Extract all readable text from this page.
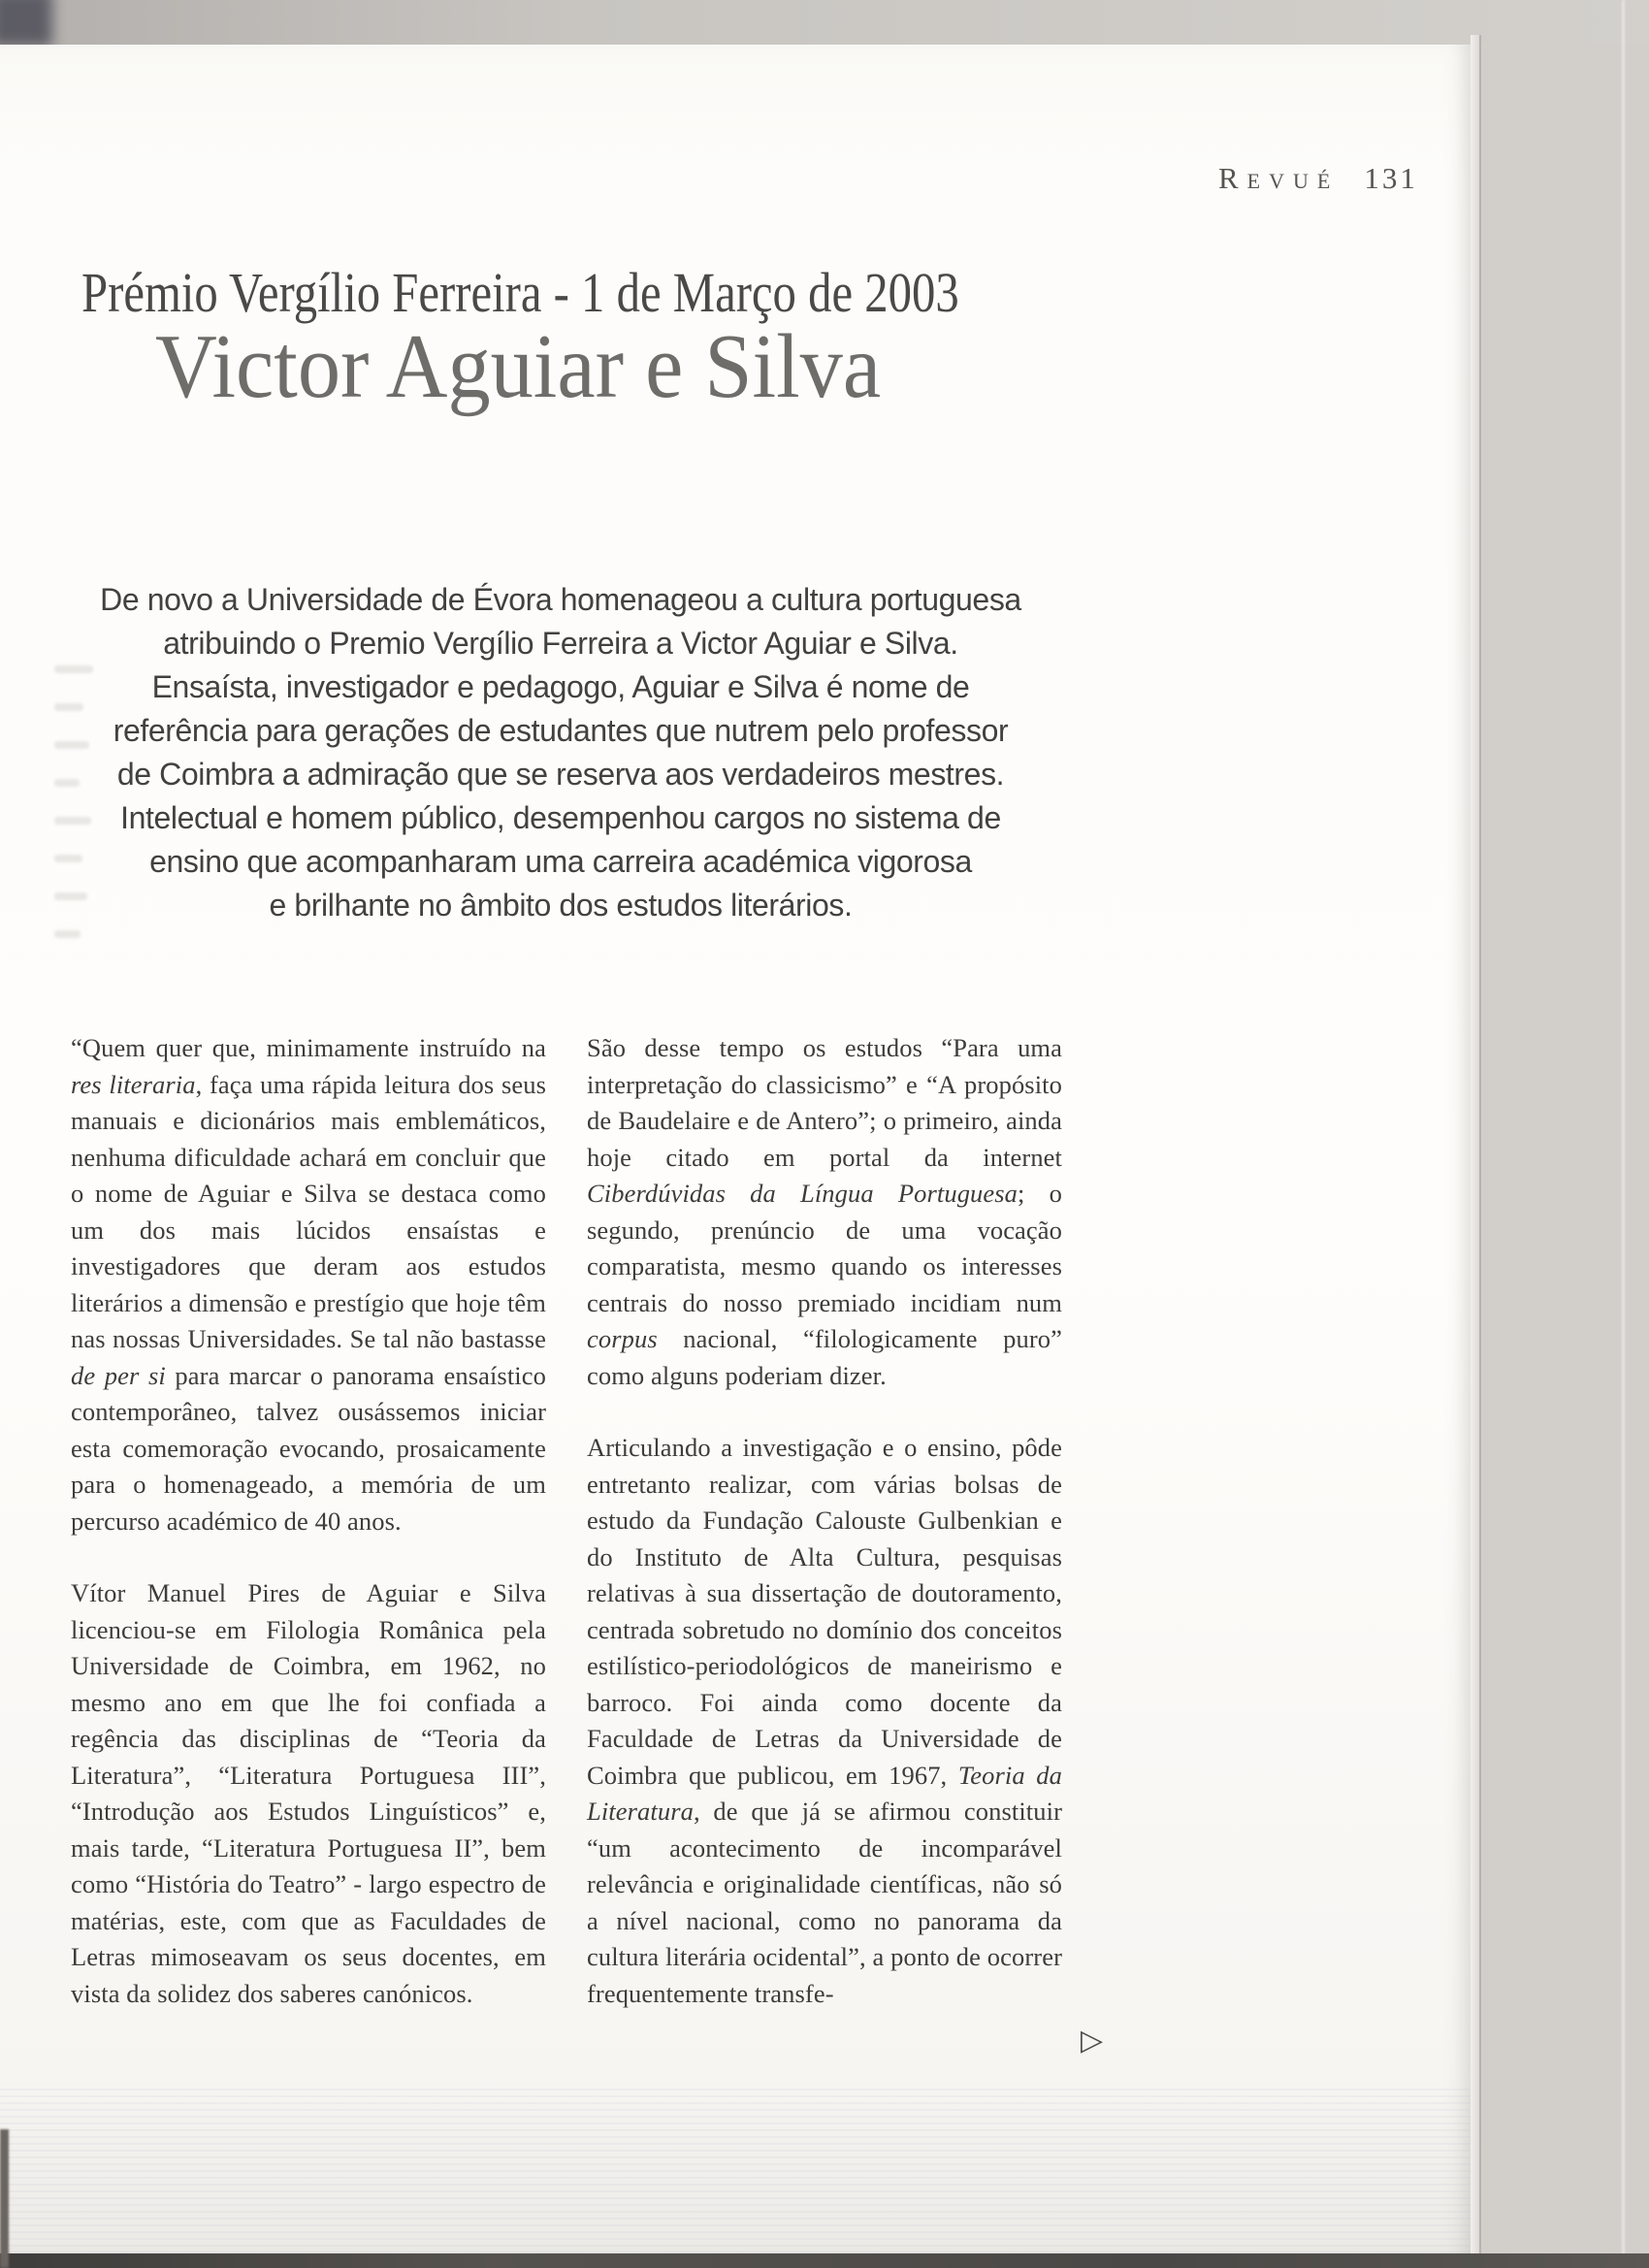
Revué 131
Prémio Vergílio Ferreira - 1 de Março de 2003
Victor Aguiar e Silva
De novo a Universidade de Évora homenageou a cultura portuguesa
atribuindo o Premio Vergílio Ferreira a Victor Aguiar e Silva.
Ensaísta, investigador e pedagogo, Aguiar e Silva é nome de
referência para gerações de estudantes que nutrem pelo professor
de Coimbra a admiração que se reserva aos verdadeiros mestres.
Intelectual e homem público, desempenhou cargos no sistema de
ensino que acompanharam uma carreira académica vigorosa
e brilhante no âmbito dos estudos literários.

“Quem quer que, minimamente instruído na res literaria, faça uma rápida leitura dos seus manuais e dicionários mais emblemáticos, nenhuma dificuldade achará em concluir que o nome de Aguiar e Silva se destaca como um dos mais lúcidos ensaístas e investigadores que deram aos estudos literários a dimensão e prestígio que hoje têm nas nossas Universidades. Se tal não bastasse de per si para marcar o panorama ensaístico contemporâneo, talvez ousássemos iniciar esta comemoração evocando, prosaicamente para o homenageado, a memória de um percurso académico de 40 anos.

Vítor Manuel Pires de Aguiar e Silva licenciou-se em Filologia Românica pela Universidade de Coimbra, em 1962, no mesmo ano em que lhe foi confiada a regência das disciplinas de “Teoria da Literatura”, “Literatura Portuguesa III”, “Introdução aos Estudos Linguísticos” e, mais tarde, “Literatura Portuguesa II”, bem como “História do Teatro” - largo espectro de matérias, este, com que as Faculdades de Letras mimoseavam os seus docentes, em vista da solidez dos saberes canónicos.

São desse tempo os estudos “Para uma interpretação do classicismo” e “A propósito de Baudelaire e de Antero”; o primeiro, ainda hoje citado em portal da internet Ciberdúvidas da Língua Portuguesa; o segundo, prenúncio de uma vocação comparatista, mesmo quando os interesses centrais do nosso premiado incidiam num corpus nacional, “filologicamente puro” como alguns poderiam dizer.

Articulando a investigação e o ensino, pôde entretanto realizar, com várias bolsas de estudo da Fundação Calouste Gulbenkian e do Instituto de Alta Cultura, pesquisas relativas à sua dissertação de doutoramento, centrada sobretudo no domínio dos conceitos estilístico-periodológicos de maneirismo e barroco. Foi ainda como docente da Faculdade de Letras da Universidade de Coimbra que publicou, em 1967, Teoria da Literatura, de que já se afirmou constituir “um acontecimento de incomparável relevância e originalidade científicas, não só a nível nacional, como no panorama da cultura literária ocidental”, a ponto de ocorrer frequentemente transfe-

▷
